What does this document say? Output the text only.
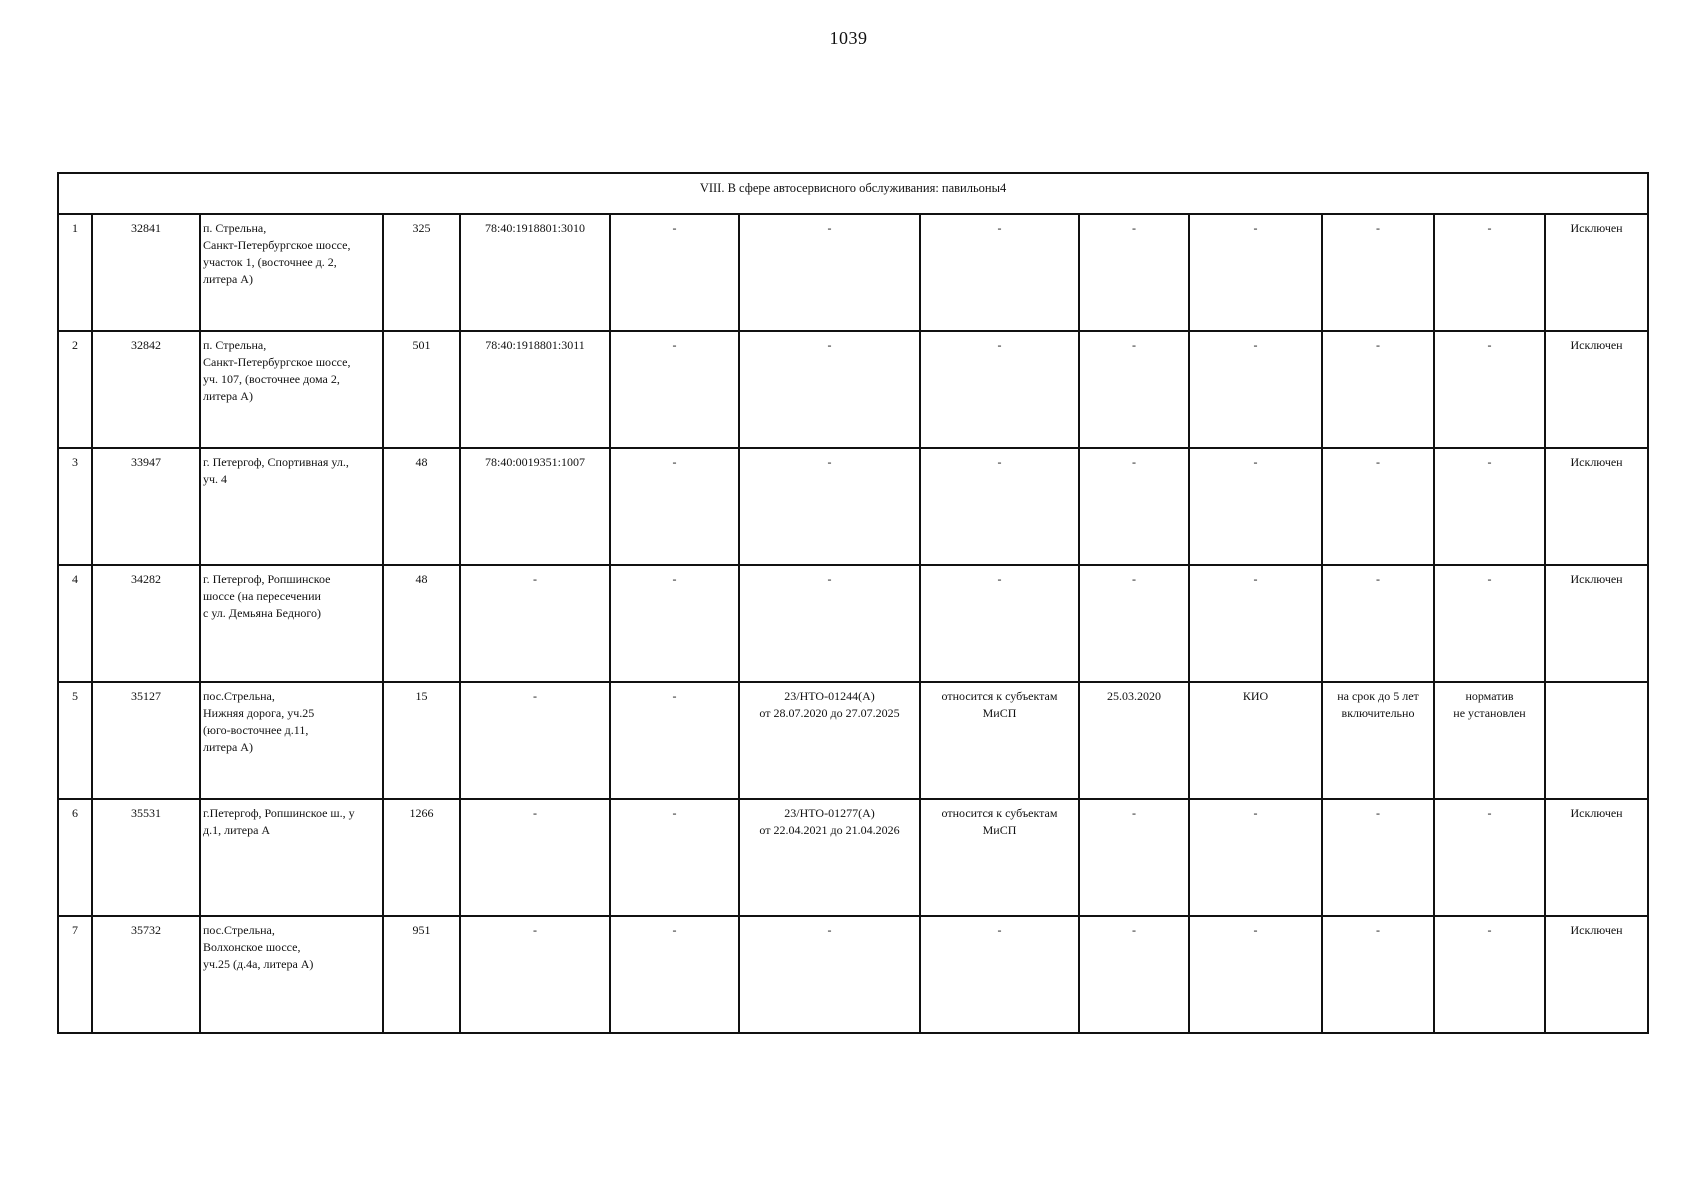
1039
VIII. В сфере автосервисного обслуживания: павильоны4												
1	32841	п. Стрельна,
Санкт-Петербургское шоссе,
участок 1, (восточнее д. 2,
литера А)	325	78:40:1918801:3010	-	-	-	-	-	-	-	Исключен
2	32842	п. Стрельна,
Санкт-Петербургское шоссе,
уч. 107, (восточнее дома 2,
литера А)	501	78:40:1918801:3011	-	-	-	-	-	-	-	Исключен
3	33947	г. Петергоф, Спортивная ул.,
уч. 4	48	78:40:0019351:1007	-	-	-	-	-	-	-	Исключен
4	34282	г. Петергоф, Ропшинское
шоссе (на пересечении
с ул. Демьяна Бедного)	48	-	-	-	-	-	-	-	-	Исключен
5	35127	пос.Стрельна,
Нижняя дорога, уч.25
(юго-восточнее д.11,
литера А)	15	-	-	23/НТО-01244(А)
от 28.07.2020 до 27.07.2025	относится к субъектам
МиСП	25.03.2020	КИО	на срок до 5 лет
включительно	норматив
не установлен	
6	35531	г.Петергоф, Ропшинское ш., у
д.1, литера А	1266	-	-	23/НТО-01277(А)
от 22.04.2021 до 21.04.2026	относится к субъектам
МиСП	-	-	-	-	Исключен
7	35732	пос.Стрельна,
Волхонское шоссе,
уч.25 (д.4а, литера А)	951	-	-	-	-	-	-	-	-	Исключен
